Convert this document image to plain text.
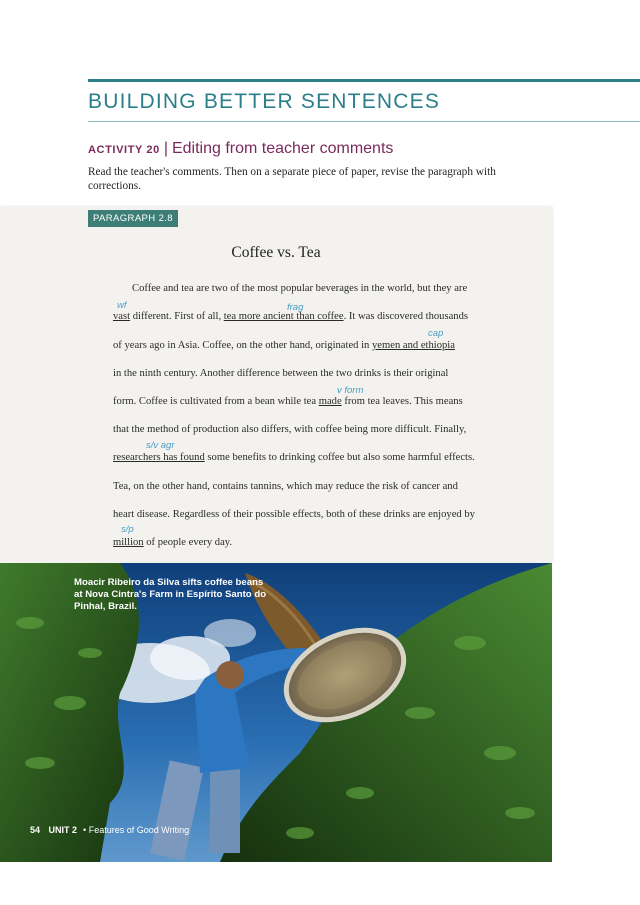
BUILDING BETTER SENTENCES
ACTIVITY 20 | Editing from teacher comments
Read the teacher's comments. Then on a separate piece of paper, revise the paragraph with corrections.
PARAGRAPH 2.8
Coffee vs. Tea
wf	frag
cap
v form
s/v agr
s/p
Coffee and tea are two of the most popular beverages in the world, but they are
vast different. First of all, tea more ancient than coffee. It was discovered thousands
of years ago in Asia. Coffee, on the other hand, originated in yemen and ethiopia
in the ninth century. Another difference between the two drinks is their original
form. Coffee is cultivated from a bean while tea made from tea leaves. This means
that the method of production also differs, with coffee being more difficult. Finally,
researchers has found some benefits to drinking coffee but also some harmful effects.
Tea, on the other hand, contains tannins, which may reduce the risk of cancer and
heart disease. Regardless of their possible effects, both of these drinks are enjoyed by
million of people every day.
Moacir Ribeiro da Silva sifts coffee beans at Nova Cintra's Farm in Espírito Santo do Pinhal, Brazil.
54 UNIT 2 • Features of Good Writing
